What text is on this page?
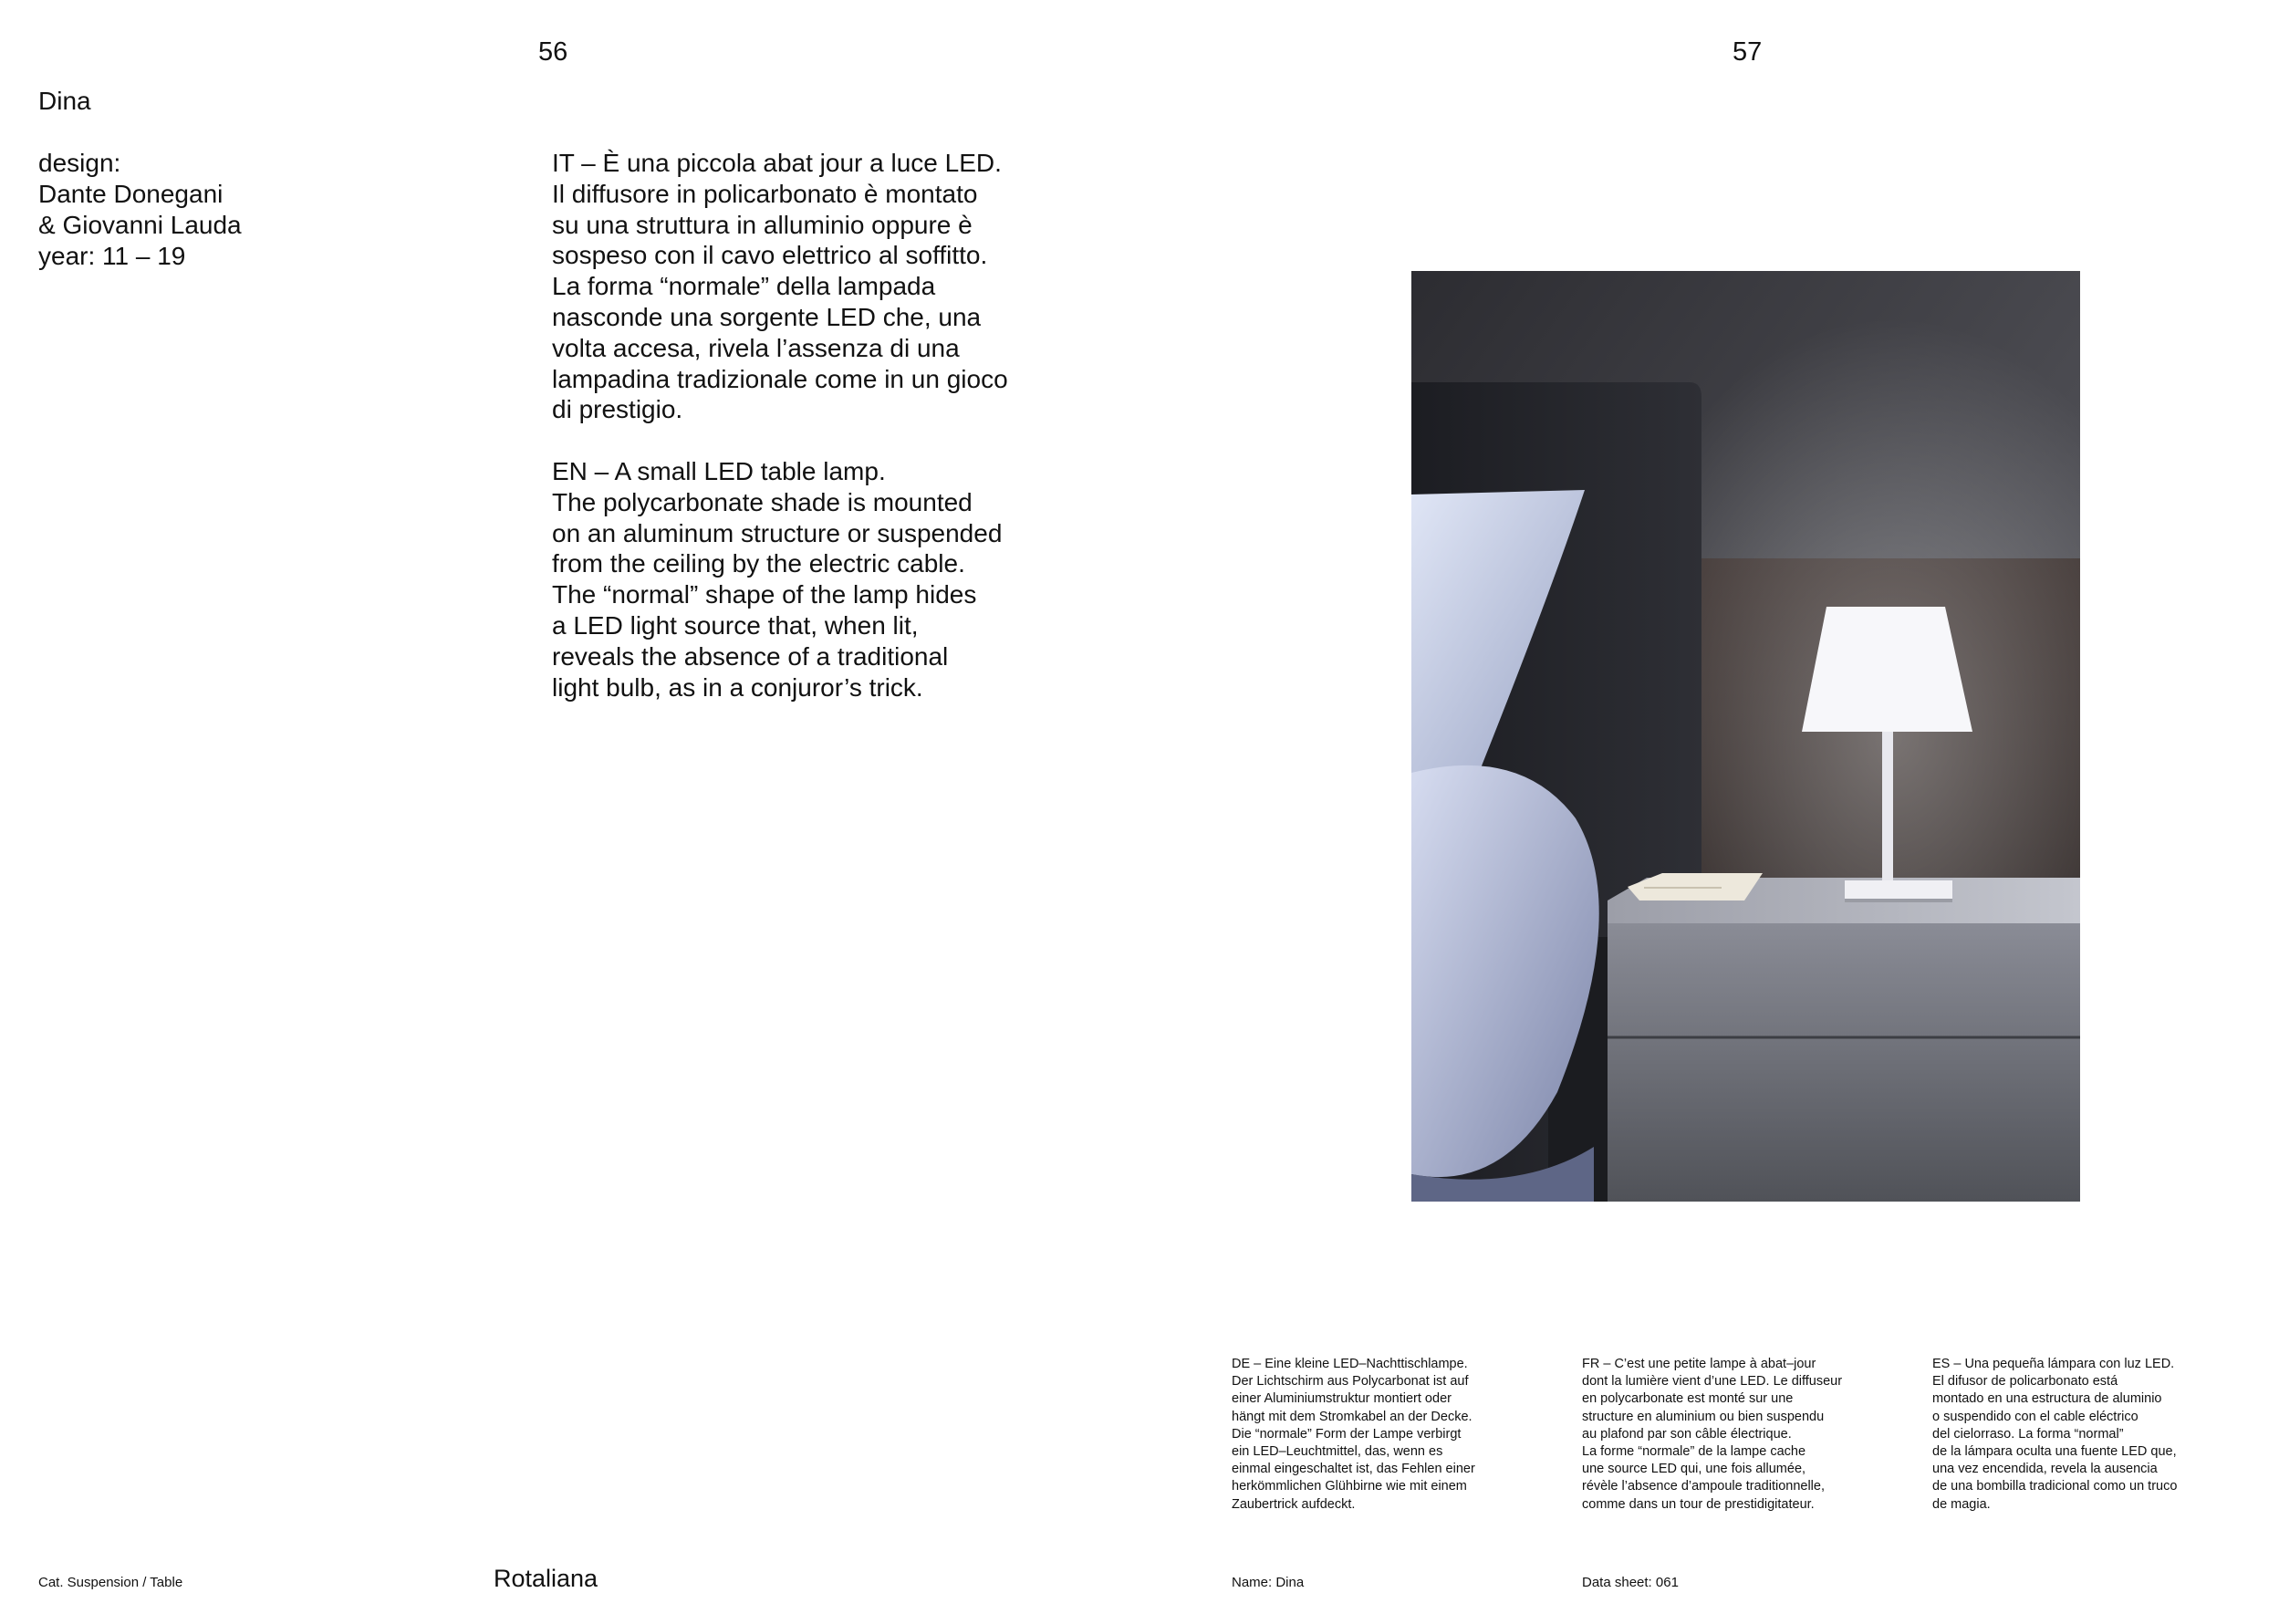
56	57
Dina
design:
Dante Donegani
& Giovanni Lauda
year: 11 – 19

IT – È una piccola abat jour a luce LED.
Il diffusore in policarbonato è montato
su una struttura in alluminio oppure è
sospeso con il cavo elettrico al soffitto.
La forma “normale” della lampada
nasconde una sorgente LED che, una
volta accesa, rivela l’assenza di una
lampadina tradizionale come in un gioco
di prestigio.

EN – A small LED table lamp.
The polycarbonate shade is mounted
on an aluminum structure or suspended
from the ceiling by the electric cable.
The “normal” shape of the lamp hides
a LED light source that, when lit,
reveals the absence of a traditional
light bulb, as in a conjuror’s trick.

DE – Eine kleine LED–Nachttischlampe.
Der Lichtschirm aus Polycarbonat ist auf
einer Aluminiumstruktur montiert oder
hängt mit dem Stromkabel an der Decke.
Die “normale” Form der Lampe verbirgt
ein LED–Leuchtmittel, das, wenn es
einmal eingeschaltet ist, das Fehlen einer
herkömmlichen Glühbirne wie mit einem
Zaubertrick aufdeckt.
FR – C’est une petite lampe à abat–jour
dont la lumière vient d’une LED. Le diffuseur
en polycarbonate est monté sur une
structure en aluminium ou bien suspendu
au plafond par son câble électrique.
La forme “normale” de la lampe cache
une source LED qui, une fois allumée,
révèle l’absence d’ampoule traditionnelle,
comme dans un tour de prestidigitateur.
ES – Una pequeña lámpara con luz LED.
El difusor de policarbonato está
montado en una estructura de aluminio
o suspendido con el cable eléctrico
del cielorraso. La forma “normal”
de la lámpara oculta una fuente LED que,
una vez encendida, revela la ausencia
de una bombilla tradicional como un truco
de magia.
Cat. Suspension / Table	Rotaliana	Name: Dina	Data sheet: 061
